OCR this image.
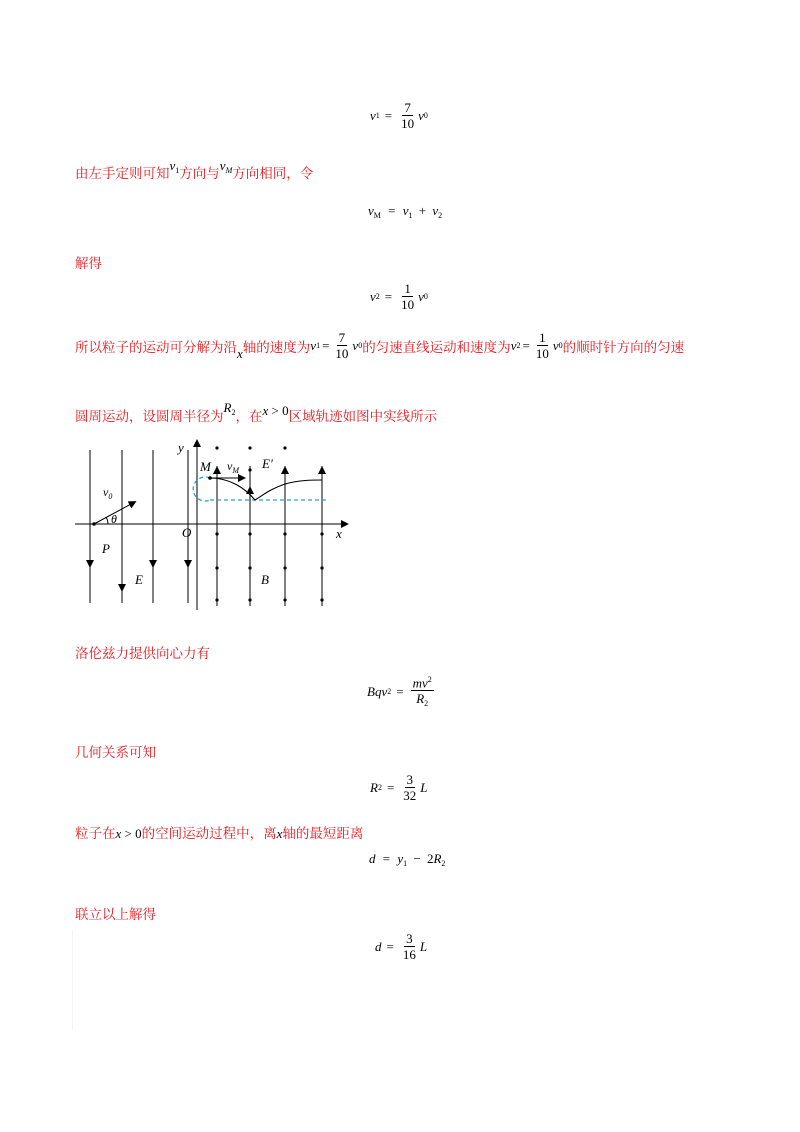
v $1 = \frac{7}{10}$ v 0
由左手定则可知$v_1$方向与$v_M$方向相同，令
$v_M = v_1 + v_2$
解得
v $2 = \frac{1}{10}$ v 0
所以粒子的运动可分解为沿 x 轴的速度为 v $1 = \frac{7}{10}$ v 0 的匀速直线运动和速度为 v $2 = \frac{1}{10}$ v 0 的顺时针方向的匀速
圆周运动，设圆周半径为$R_2$，在x > 0区域轨迹如图中实线所示
y
x
O
M $v_M$ E′
$v_0$
θ
P
E	B
洛伦兹力提供向心力有
Bq v $2 = \frac{mv^2}{R_2}$
几何关系可知
R $2 = \frac{3}{32}$ L
粒子在x > 0的空间运动过程中，离x轴的最短距离
$d = y_1 - 2R_2$
联立以上解得
$d = \frac{3}{16}$ L
